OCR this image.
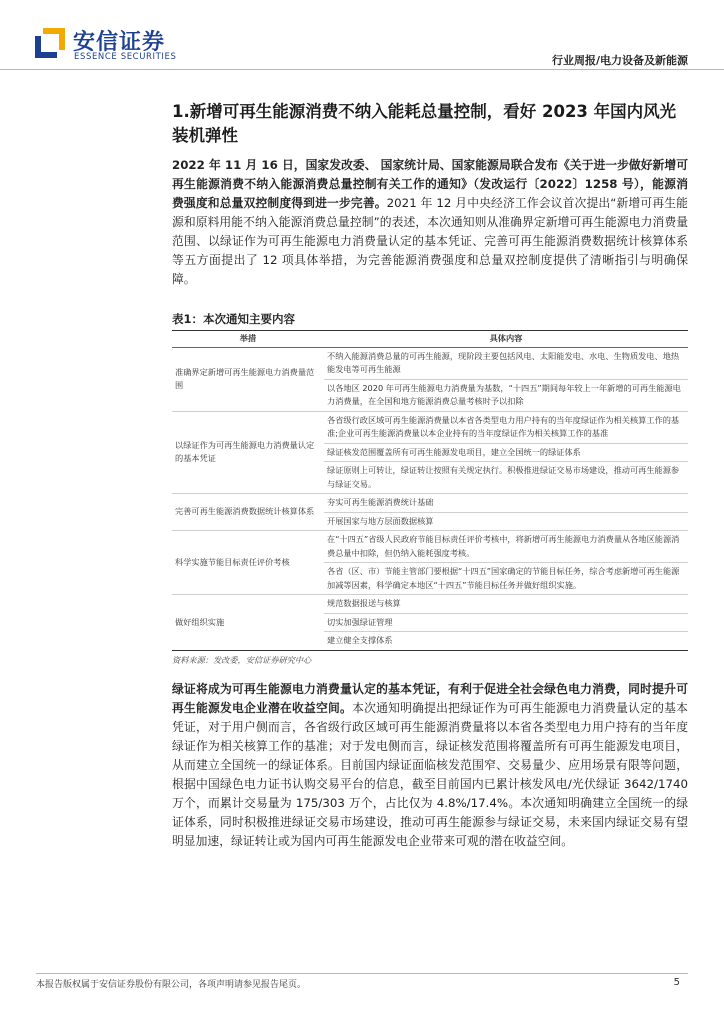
安信证券
ESSENCE SECURITIES	行业周报/电力设备及新能源
1.新增可再生能源消费不纳入能耗总量控制，看好 2023 年国内风光装机弹性

2022 年 11 月 16 日，国家发改委、 国家统计局、国家能源局联合发布《关于进一步做好新增可再生能源消费不纳入能源消费总量控制有关工作的通知》（发改运行〔2022〕1258 号），能源消费强度和总量双控制度得到进一步完善。2021 年 12 月中央经济工作会议首次提出“新增可再生能源和原料用能不纳入能源消费总量控制”的表述，本次通知则从准确界定新增可再生能源电力消费量范围、以绿证作为可再生能源电力消费量认定的基本凭证、完善可再生能源消费数据统计核算体系等五方面提出了 12 项具体举措，为完善能源消费强度和总量双控制度提供了清晰指引与明确保障。

表1：本次通知主要内容
举措	具体内容
准确界定新增可再生能源电力消费量范围	不纳入能源消费总量的可再生能源，现阶段主要包括风电、太阳能发电、水电、生物质发电、地热能发电等可再生能源
	以各地区 2020 年可再生能源电力消费量为基数，“十四五”期间每年较上一年新增的可再生能源电力消费量，在全国和地方能源消费总量考核时予以扣除
以绿证作为可再生能源电力消费量认定的基本凭证	各省级行政区域可再生能源消费量以本省各类型电力用户持有的当年度绿证作为相关核算工作的基准;企业可再生能源消费量以本企业持有的当年度绿证作为相关核算工作的基准
	绿证核发范围覆盖所有可再生能源发电项目，建立全国统一的绿证体系
	绿证原则上可转让，绿证转让按照有关规定执行。积极推进绿证交易市场建设，推动可再生能源参与绿证交易。
完善可再生能源消费数据统计核算体系	夯实可再生能源消费统计基础
	开展国家与地方层面数据核算
科学实施节能目标责任评价考核	在“十四五”省级人民政府节能目标责任评价考核中，将新增可再生能源电力消费量从各地区能源消费总量中扣除，但仍纳入能耗强度考核。
	各省（区、市）节能主管部门要根据“十四五”国家确定的节能目标任务，综合考虑新增可再生能源加减等因素，科学确定本地区“十四五”节能目标任务并做好组织实施。
做好组织实施	规范数据报送与核算
	切实加强绿证管理
	建立健全支撑体系
资料来源：发改委，安信证券研究中心

绿证将成为可再生能源电力消费量认定的基本凭证，有利于促进全社会绿色电力消费，同时提升可再生能源发电企业潜在收益空间。本次通知明确提出把绿证作为可再生能源电力消费量认定的基本凭证，对于用户侧而言，各省级行政区域可再生能源消费量将以本省各类型电力用户持有的当年度绿证作为相关核算工作的基准；对于发电侧而言，绿证核发范围将覆盖所有可再生能源发电项目，从而建立全国统一的绿证体系。目前国内绿证面临核发范围窄、交易量少、应用场景有限等问题，根据中国绿色电力证书认购交易平台的信息，截至目前国内已累计核发风电/光伏绿证 3642/1740 万个，而累计交易量为 175/303 万个，占比仅为 4.8%/17.4%。本次通知明确建立全国统一的绿证体系，同时积极推进绿证交易市场建设，推动可再生能源参与绿证交易，未来国内绿证交易有望明显加速，绿证转让或为国内可再生能源发电企业带来可观的潜在收益空间。

本报告版权属于安信证券股份有限公司，各项声明请参见报告尾页。	5
